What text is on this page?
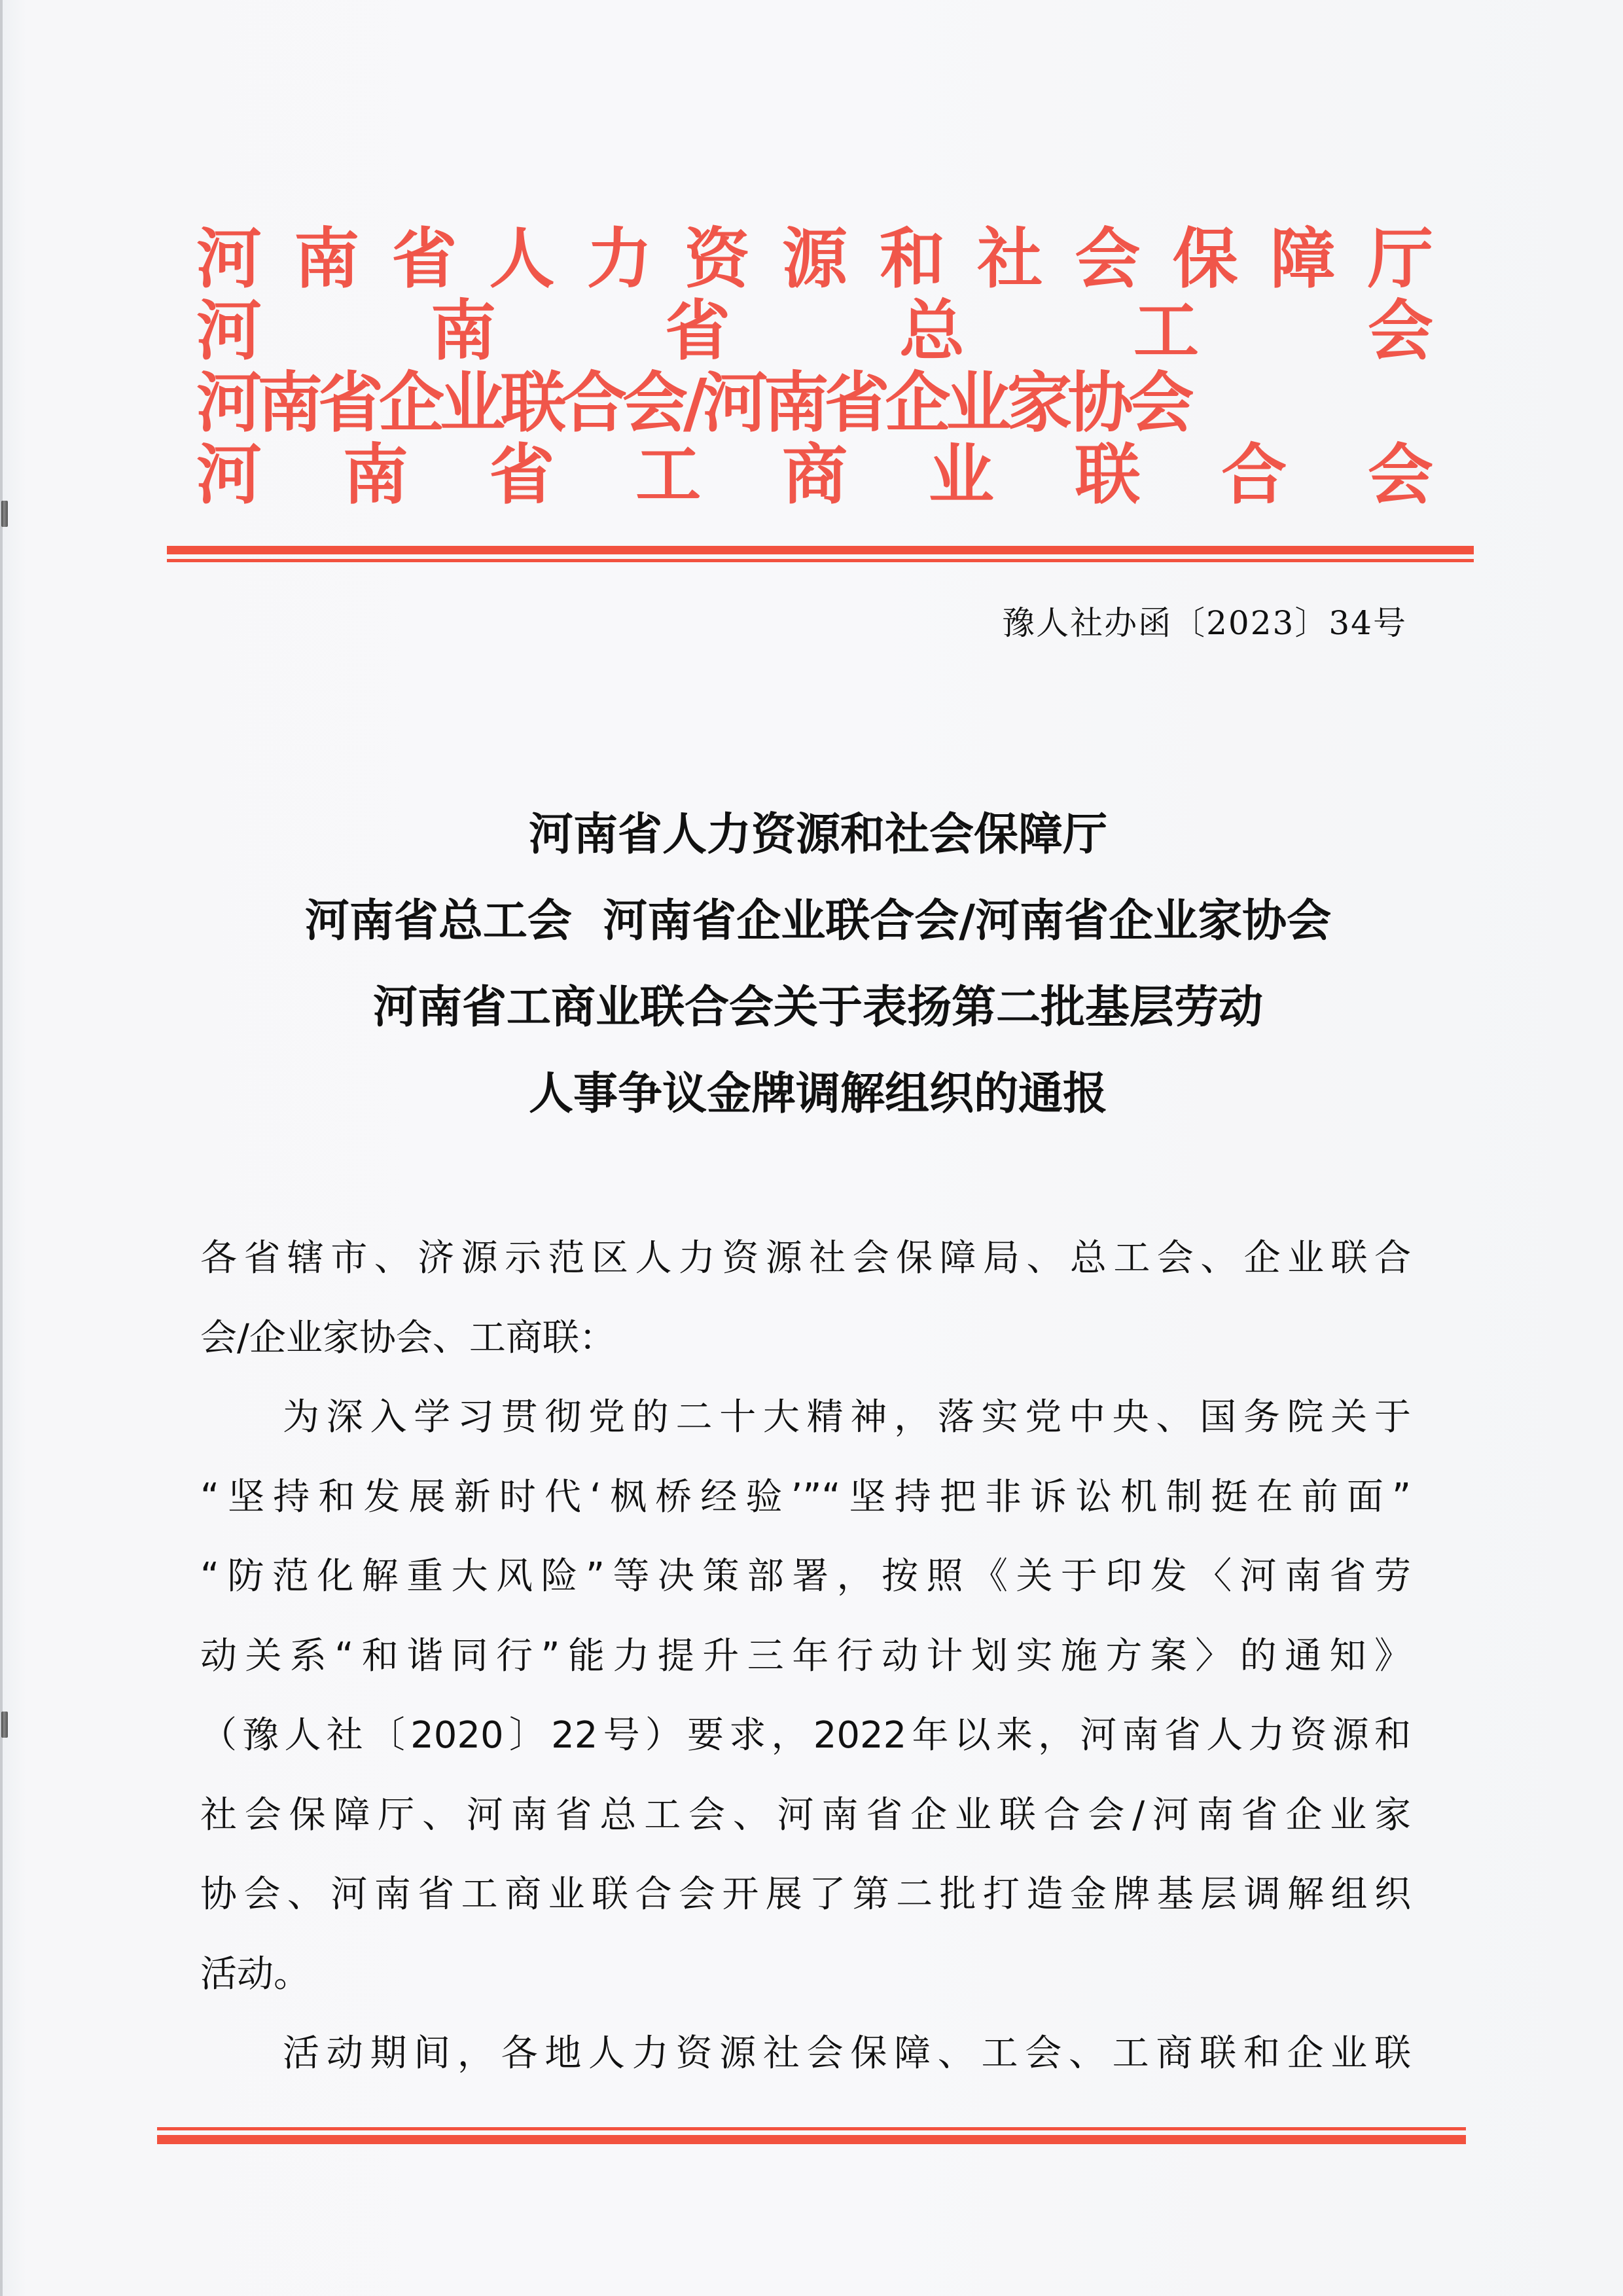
河 南 省 人 力 资 源 和 社 会 保 障 厅
河	南	省	总	工	会
河南省企业联合会/河南省企业家协会
河 南 省 工 商 业 联 合 会
豫人社办函〔2023〕34号
河南省人力资源和社会保障厅
河南省总工会  河南省企业联合会/河南省企业家协会
河南省工商业联合会关于表扬第二批基层劳动
人事争议金牌调解组织的通报
各省辖市、济源示范区人力资源社会保障局、总工会、企业联合
会/企业家协会、工商联：
为深入学习贯彻党的二十大精神，落实党中央、国务院关于
“坚持和发展新时代‘枫桥经验’”“坚持把非诉讼机制挺在前面”
“防范化解重大风险”等决策部署，按照《关于印发〈河南省劳
动关系“和谐同行”能力提升三年行动计划实施方案〉的通知》
（豫人社〔2020〕22号）要求，2022年以来，河南省人力资源和
社会保障厅、河南省总工会、河南省企业联合会/河南省企业家
协会、河南省工商业联合会开展了第二批打造金牌基层调解组织
活动。
活动期间，各地人力资源社会保障、工会、工商联和企业联
